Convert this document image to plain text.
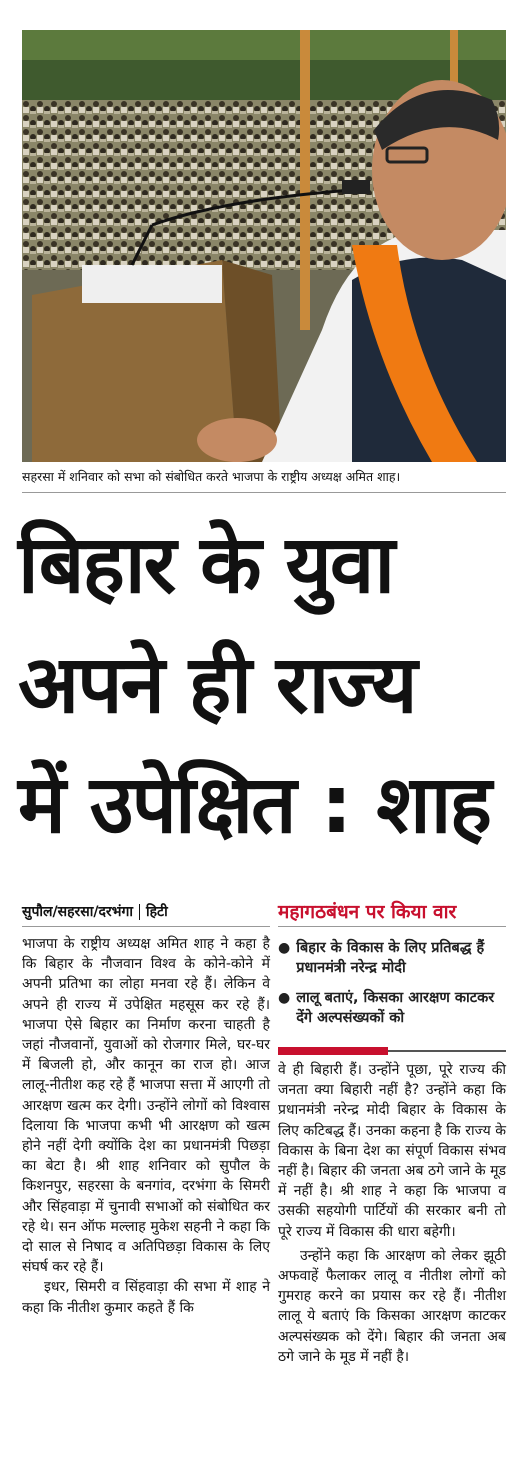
सहरसा में शनिवार को सभा को संबोधित करते भाजपा के राष्ट्रीय अध्यक्ष अमित शाह।
बिहार के युवा
अपने ही राज्य
में उपेक्षित : शाह
सुपौल/सहरसा/दरभंगा हिटी	महागठबंधन पर किया वार
● बिहार के विकास के लिए प्रतिबद्ध हैं प्रधानमंत्री नरेन्द्र मोदी
● लालू बताएं, किसका आरक्षण काटकर देंगे अल्पसंख्यकों को

भाजपा के राष्ट्रीय अध्यक्ष अमित शाह ने कहा है कि बिहार के नौजवान विश्व के कोने-कोने में अपनी प्रतिभा का लोहा मनवा रहे हैं। लेकिन वे अपने ही राज्य में उपेक्षित महसूस कर रहे हैं। भाजपा ऐसे बिहार का निर्माण करना चाहती है जहां नौजवानों, युवाओं को रोजगार मिले, घर-घर में बिजली हो, और कानून का राज हो। आज लालू-नीतीश कह रहे हैं भाजपा सत्ता में आएगी तो आरक्षण खत्म कर देगी। उन्होंने लोगों को विश्वास दिलाया कि भाजपा कभी भी आरक्षण को खत्म होने नहीं देगी क्योंकि देश का प्रधानमंत्री पिछड़ा का बेटा है। श्री शाह शनिवार को सुपौल के किशनपुर, सहरसा के बनगांव, दरभंगा के सिमरी और सिंहवाड़ा में चुनावी सभाओं को संबोधित कर रहे थे। सन ऑफ मल्लाह मुकेश सहनी ने कहा कि दो साल से निषाद व अतिपिछड़ा विकास के लिए संघर्ष कर रहे हैं।

इधर, सिमरी व सिंहवाड़ा की सभा में शाह ने कहा कि नीतीश कुमार कहते हैं कि

वे ही बिहारी हैं। उन्होंने पूछा, पूरे राज्य की जनता क्या बिहारी नहीं है? उन्होंने कहा कि प्रधानमंत्री नरेन्द्र मोदी बिहार के विकास के लिए कटिबद्ध हैं। उनका कहना है कि राज्य के विकास के बिना देश का संपूर्ण विकास संभव नहीं है। बिहार की जनता अब ठगे जाने के मूड में नहीं है। श्री शाह ने कहा कि भाजपा व उसकी सहयोगी पार्टियों की सरकार बनी तो पूरे राज्य में विकास की धारा बहेगी।

उन्होंने कहा कि आरक्षण को लेकर झूठी अफवाहें फैलाकर लालू व नीतीश लोगों को गुमराह करने का प्रयास कर रहे हैं। नीतीश लालू ये बताएं कि किसका आरक्षण काटकर अल्पसंख्यक को देंगे। बिहार की जनता अब ठगे जाने के मूड में नहीं है।
